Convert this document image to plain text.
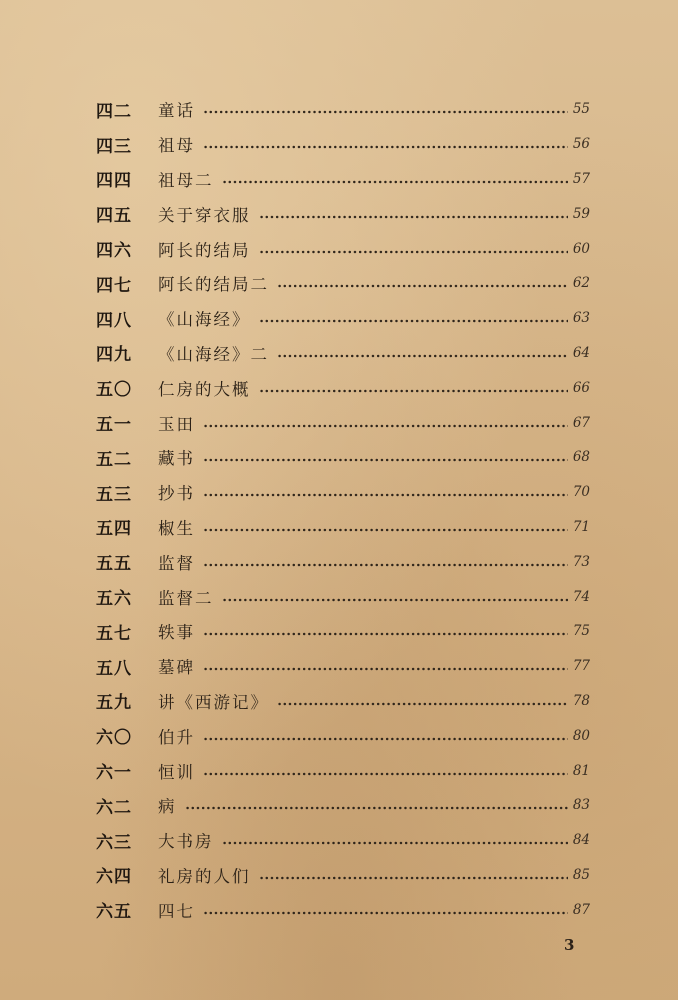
四二	童话	55
四三	祖母	56
四四	祖母二	57
四五	关于穿衣服	59
四六	阿长的结局	60
四七	阿长的结局二	62
四八	《山海经》	63
四九	《山海经》二	64
五〇	仁房的大概	66
五一	玉田	67
五二	藏书	68
五三	抄书	70
五四	椒生	71
五五	监督	73
五六	监督二	74
五七	轶事	75
五八	墓碑	77
五九	讲《西游记》	78
六〇	伯升	80
六一	恒训	81
六二	病	83
六三	大书房	84
六四	礼房的人们	85
六五	四七	87
3
